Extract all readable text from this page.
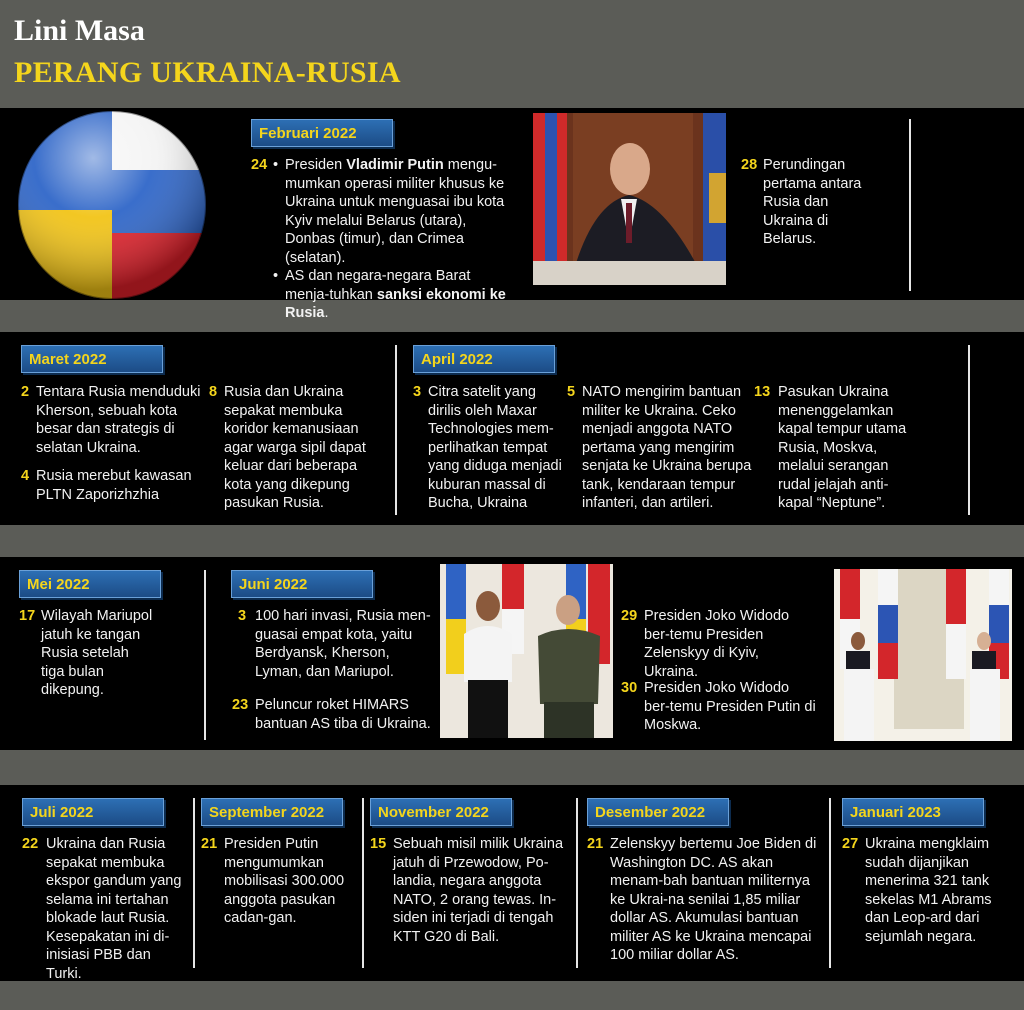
Lini Masa
PERANG UKRAINA-RUSIA
Februari 2022
24 • Presiden Vladimir Putin mengu-mumkan operasi militer khusus ke Ukraina untuk menguasai ibu kota Kyiv melalui Belarus (utara), Donbas (timur), dan Crimea (selatan).
• AS dan negara-negara Barat menja-tuhkan sanksi ekonomi ke Rusia.
28 Perundingan pertama antara Rusia dan Ukraina di Belarus.
Maret 2022
2 Tentara Rusia menduduki Kherson, sebuah kota besar dan strategis di selatan Ukraina.
4 Rusia merebut kawasan PLTN Zaporizhzhia
8 Rusia dan Ukraina sepakat membuka koridor kemanusiaan agar warga sipil dapat keluar dari beberapa kota yang dikepung pasukan Rusia.
April 2022
3 Citra satelit yang dirilis oleh Maxar Technologies mem-perlihatkan tempat yang diduga menjadi kuburan massal di Bucha, Ukraina
5 NATO mengirim bantuan militer ke Ukraina. Ceko menjadi anggota NATO pertama yang mengirim senjata ke Ukraina berupa tank, kendaraan tempur infanteri, dan artileri.
13 Pasukan Ukraina menenggelamkan kapal tempur utama Rusia, Moskva, melalui serangan rudal jelajah anti-kapal “Neptune”.
Mei 2022
17 Wilayah Mariupol jatuh ke tangan Rusia setelah tiga bulan dikepung.
Juni 2022
3 100 hari invasi, Rusia men-guasai empat kota, yaitu Berdyansk, Kherson, Lyman, dan Mariupol.
23 Peluncur roket HIMARS bantuan AS tiba di Ukraina.
29 Presiden Joko Widodo ber-temu Presiden Zelenskyy di Kyiv, Ukraina.
30 Presiden Joko Widodo ber-temu Presiden Putin di Moskwa.
Juli 2022
22 Ukraina dan Rusia sepakat membuka ekspor gandum yang selama ini tertahan blokade laut Rusia. Kesepakatan ini di-inisiasi PBB dan Turki.
September 2022
21 Presiden Putin mengumumkan mobilisasi 300.000 anggota pasukan cadan-gan.
November 2022
15 Sebuah misil milik Ukraina jatuh di Przewodow, Po-landia, negara anggota NATO, 2 orang tewas. In-siden ini terjadi di tengah KTT G20 di Bali.
Desember 2022
21 Zelenskyy bertemu Joe Biden di Washington DC. AS akan menam-bah bantuan militernya ke Ukrai-na senilai 1,85 miliar dollar AS. Akumulasi bantuan militer AS ke Ukraina mencapai 100 miliar dollar AS.
Januari 2023
27 Ukraina mengklaim sudah dijanjikan menerima 321 tank sekelas M1 Abrams dan Leop-ard dari sejumlah negara.
